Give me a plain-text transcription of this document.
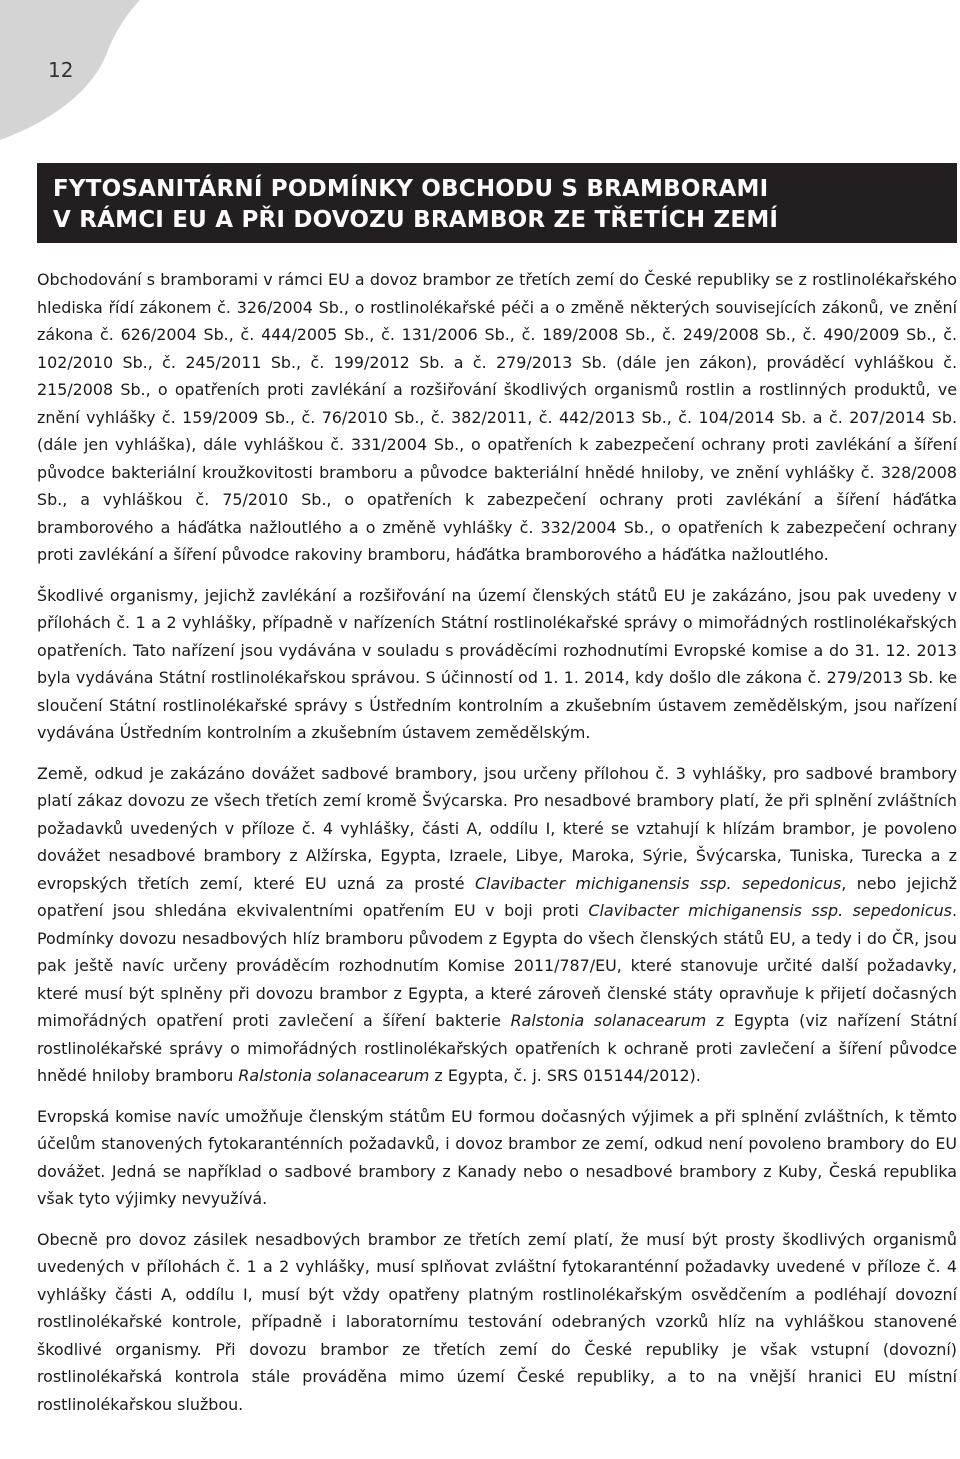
12
FYTOSANITÁRNÍ PODMÍNKY OBCHODU S BRAMBORAMI
V RÁMCI EU A PŘI DOVOZU BRAMBOR ZE TŘETÍCH ZEMÍ

Obchodování s bramborami v rámci EU a dovoz brambor ze třetích zemí do České republiky se z rostlinolékařského hlediska řídí zákonem č. 326/2004 Sb., o rostlinolékařské péči a o změně některých souvisejících zákonů, ve znění zákona č. 626/2004 Sb., č. 444/2005 Sb., č. 131/2006 Sb., č. 189/2008 Sb., č. 249/2008 Sb., č. 490/2009 Sb., č. 102/2010 Sb., č. 245/2011 Sb., č. 199/2012 Sb. a č. 279/2013 Sb. (dále jen zákon), prováděcí vyhláškou č. 215/2008 Sb., o opatřeních proti zavlékání a rozšiřování škodlivých organismů rostlin a rostlinných produktů, ve znění vyhlášky č. 159/2009 Sb., č. 76/2010 Sb., č. 382/2011, č. 442/2013 Sb., č. 104/2014 Sb. a č. 207/2014 Sb. (dále jen vyhláška), dále vyhláškou č. 331/2004 Sb., o opatřeních k zabezpečení ochrany proti zavlékání a šíření původce bakteriální kroužkovitosti bramboru a původce bakteriální hnědé hniloby, ve znění vyhlášky č. 328/2008 Sb., a vyhláškou č. 75/2010 Sb., o opatřeních k zabezpečení ochrany proti zavlékání a šíření háďátka bramborového a háďátka nažloutlého a o změně vyhlášky č. 332/2004 Sb., o opatřeních k zabezpečení ochrany proti zavlékání a šíření původce rakoviny bramboru, háďátka bramborového a háďátka nažloutlého.

Škodlivé organismy, jejichž zavlékání a rozšiřování na území členských států EU je zakázáno, jsou pak uvedeny v přílohách č. 1 a 2 vyhlášky, případně v nařízeních Státní rostlinolékařské správy o mimořádných rostlinolékařských opatřeních. Tato nařízení jsou vydávána v souladu s prováděcími rozhodnutími Evropské komise a do 31. 12. 2013 byla vydávána Státní rostlinolékařskou správou. S účinností od 1. 1. 2014, kdy došlo dle zákona č. 279/2013 Sb. ke sloučení Státní rostlinolékařské správy s Ústředním kontrolním a zkušebním ústavem zemědělským, jsou nařízení vydávána Ústředním kontrolním a zkušebním ústavem zemědělským.

Země, odkud je zakázáno dovážet sadbové brambory, jsou určeny přílohou č. 3 vyhlášky, pro sadbové brambory platí zákaz dovozu ze všech třetích zemí kromě Švýcarska. Pro nesadbové brambory platí, že při splnění zvláštních požadavků uvedených v příloze č. 4 vyhlášky, části A, oddílu I, které se vztahují k hlízám brambor, je povoleno dovážet nesadbové brambory z Alžírska, Egypta, Izraele, Libye, Maroka, Sýrie, Švýcarska, Tuniska, Turecka a z evropských třetích zemí, které EU uzná za prosté Clavibacter michiganensis ssp. sepedonicus, nebo jejichž opatření jsou shledána ekvivalentními opatřením EU v boji proti Clavibacter michiganensis ssp. sepedonicus. Podmínky dovozu nesadbových hlíz bramboru původem z Egypta do všech členských států EU, a tedy i do ČR, jsou pak ještě navíc určeny prováděcím rozhodnutím Komise 2011/787/EU, které stanovuje určité další požadavky, které musí být splněny při dovozu brambor z Egypta, a které zároveň členské státy opravňuje k přijetí dočasných mimořádných opatření proti zavlečení a šíření bakterie Ralstonia solanacearum z Egypta (viz nařízení Státní rostlinolékařské správy o mimořádných rostlinolékařských opatřeních k ochraně proti zavlečení a šíření původce hnědé hniloby bramboru Ralstonia solanacearum z Egypta, č. j. SRS 015144/2012).

Evropská komise navíc umožňuje členským státům EU formou dočasných výjimek a při splnění zvláštních, k těmto účelům stanovených fytokaranténních požadavků, i dovoz brambor ze zemí, odkud není povoleno brambory do EU dovážet. Jedná se například o sadbové brambory z Kanady nebo o nesadbové brambory z Kuby, Česká republika však tyto výjimky nevyužívá.

Obecně pro dovoz zásilek nesadbových brambor ze třetích zemí platí, že musí být prosty škodlivých organismů uvedených v přílohách č. 1 a 2 vyhlášky, musí splňovat zvláštní fytokaranténní požadavky uvedené v příloze č. 4 vyhlášky části A, oddílu I, musí být vždy opatřeny platným rostlinolékařským osvědčením a podléhají dovozní rostlinolékařské kontrole, případně i laboratornímu testování odebraných vzorků hlíz na vyhláškou stanovené škodlivé organismy. Při dovozu brambor ze třetích zemí do České republiky je však vstupní (dovozní) rostlinolékařská kontrola stále prováděna mimo území České republiky, a to na vnější hranici EU místní rostlinolékařskou službou.
